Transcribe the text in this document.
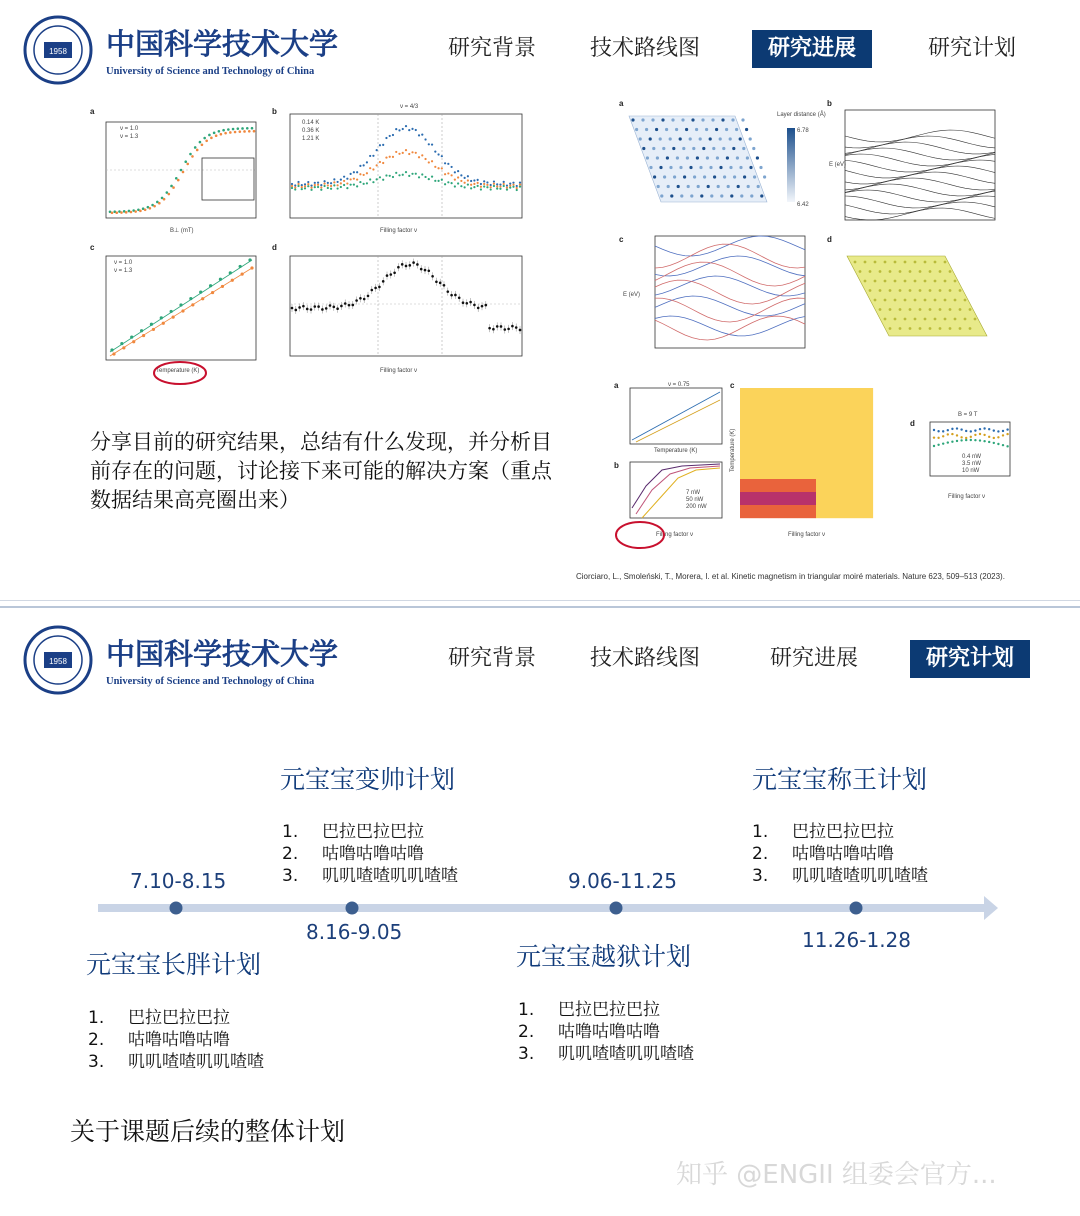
1958 中国科学技术大学
University of Science and Technology of China
研究背景	技术路线图	研究进展	研究计划
a
ν = 1.0
ν = 1.3
B⊥ (mT)
b	ν = 4/3
0.14 K
0.36 K
1.21 K
Filling factor ν
c
ν = 1.0
ν = 1.3
Temperature (K)
d
Filling factor ν
a
Layer distance (Å)
6.78
6.42
b
E (eV)
c
E (eV)
d
a	ν = 0.75
Temperature (K)
b
7 nW
50 nW
200 nW
Filling factor ν
c
Temperature (K)
Filling factor ν
d
B = 9 T
0.4 nW
3.5 nW
10 nW
Filling factor ν
分享目前的研究结果，总结有什么发现，并分析目前存在的问题，讨论接下来可能的解决方案（重点数据结果高亮圈出来）
Ciorciaro, L., Smoleński, T., Morera, I. et al. Kinetic magnetism in triangular moiré materials. Nature 623, 509–513 (2023).
1958 中国科学技术大学
University of Science and Technology of China
研究背景	技术路线图	研究进展	研究计划
7.10-8.15
8.16-9.05
9.06-11.25
11.26-1.28
元宝宝长胖计划
1. 巴拉巴拉巴拉
2. 咕噜咕噜咕噜
3. 叽叽喳喳叽叽喳喳
元宝宝变帅计划
1. 巴拉巴拉巴拉
2. 咕噜咕噜咕噜
3. 叽叽喳喳叽叽喳喳
元宝宝越狱计划
1. 巴拉巴拉巴拉
2. 咕噜咕噜咕噜
3. 叽叽喳喳叽叽喳喳
元宝宝称王计划
1. 巴拉巴拉巴拉
2. 咕噜咕噜咕噜
3. 叽叽喳喳叽叽喳喳
关于课题后续的整体计划
知乎 @ENGII 组委会官方...
